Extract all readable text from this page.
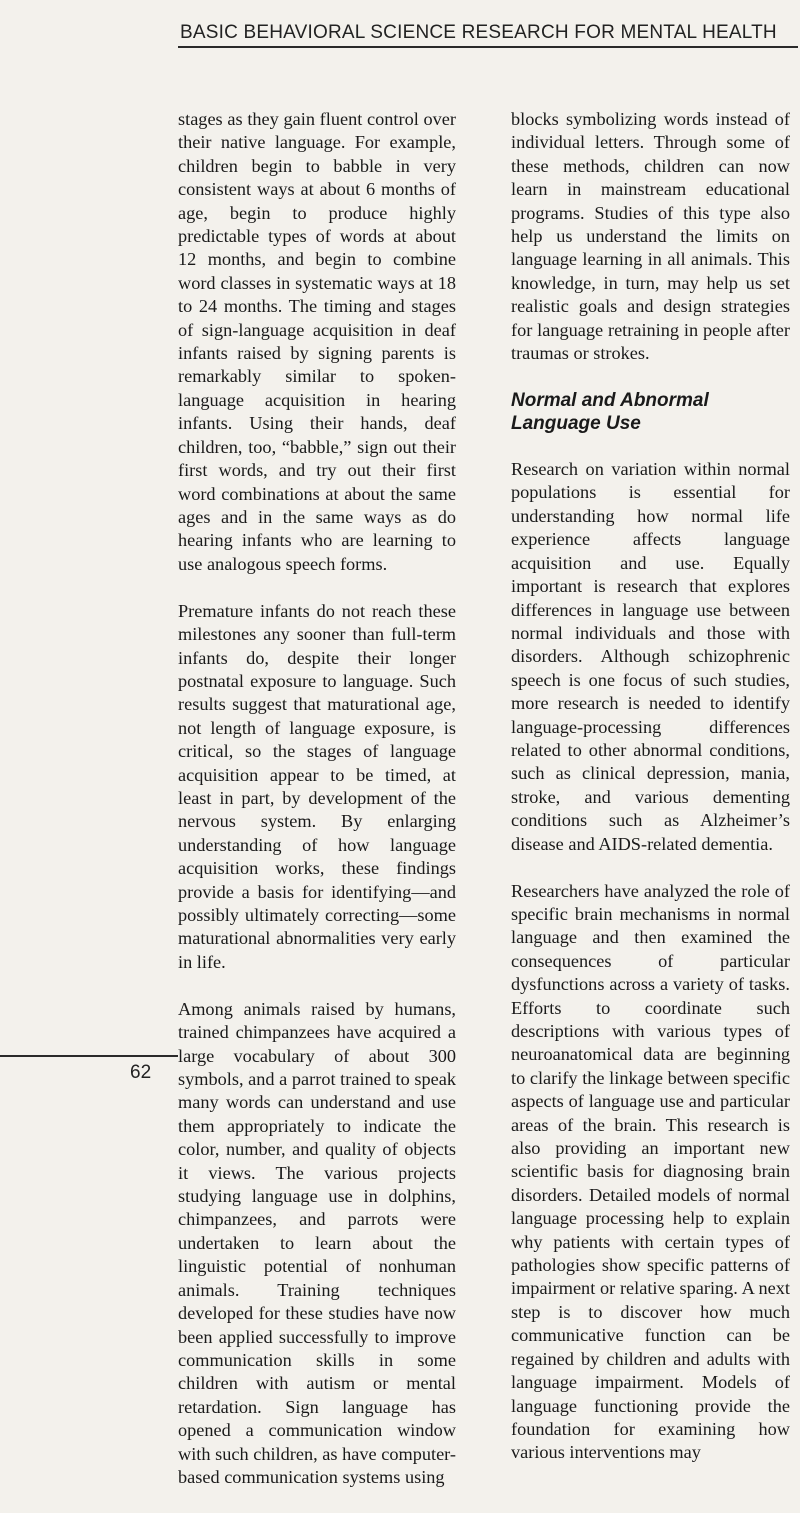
BASIC BEHAVIORAL SCIENCE RESEARCH FOR MENTAL HEALTH

stages as they gain fluent control over their native language. For example, children begin to babble in very consistent ways at about 6 months of age, begin to produce highly predictable types of words at about 12 months, and begin to combine word classes in systematic ways at 18 to 24 months. The timing and stages of sign-language acquisition in deaf infants raised by signing parents is remarkably similar to spoken-language acquisition in hearing infants. Using their hands, deaf children, too, “babble,” sign out their first words, and try out their first word combinations at about the same ages and in the same ways as do hearing infants who are learning to use analogous speech forms.

Premature infants do not reach these milestones any sooner than full-term infants do, despite their longer postnatal exposure to language. Such results suggest that maturational age, not length of language exposure, is critical, so the stages of language acquisition appear to be timed, at least in part, by development of the nervous system. By enlarging understanding of how language acquisition works, these findings provide a basis for identifying—and possibly ultimately correcting—some maturational abnormalities very early in life.

Among animals raised by humans, trained chimpanzees have acquired a large vocabulary of about 300 symbols, and a parrot trained to speak many words can understand and use them appropriately to indicate the color, number, and quality of objects it views. The various projects studying language use in dolphins, chimpanzees, and parrots were undertaken to learn about the linguistic potential of nonhuman animals. Training techniques developed for these studies have now been applied successfully to improve communication skills in some children with autism or mental retardation. Sign language has opened a communication window with such children, as have computer-based communication systems using

blocks symbolizing words instead of individual letters. Through some of these methods, children can now learn in mainstream educational programs. Studies of this type also help us understand the limits on language learning in all animals. This knowledge, in turn, may help us set realistic goals and design strategies for language retraining in people after traumas or strokes.

Normal and Abnormal Language Use

Research on variation within normal populations is essential for understanding how normal life experience affects language acquisition and use. Equally important is research that explores differences in language use between normal individuals and those with disorders. Although schizophrenic speech is one focus of such studies, more research is needed to identify language-processing differences related to other abnormal conditions, such as clinical depression, mania, stroke, and various dementing conditions such as Alzheimer’s disease and AIDS-related dementia.

Researchers have analyzed the role of specific brain mechanisms in normal language and then examined the consequences of particular dysfunctions across a variety of tasks. Efforts to coordinate such descriptions with various types of neuroanatomical data are beginning to clarify the linkage between specific aspects of language use and particular areas of the brain. This research is also providing an important new scientific basis for diagnosing brain disorders. Detailed models of normal language processing help to explain why patients with certain types of pathologies show specific patterns of impairment or relative sparing. A next step is to discover how much communicative function can be regained by children and adults with language impairment. Models of language functioning provide the foundation for examining how various interventions may

62
